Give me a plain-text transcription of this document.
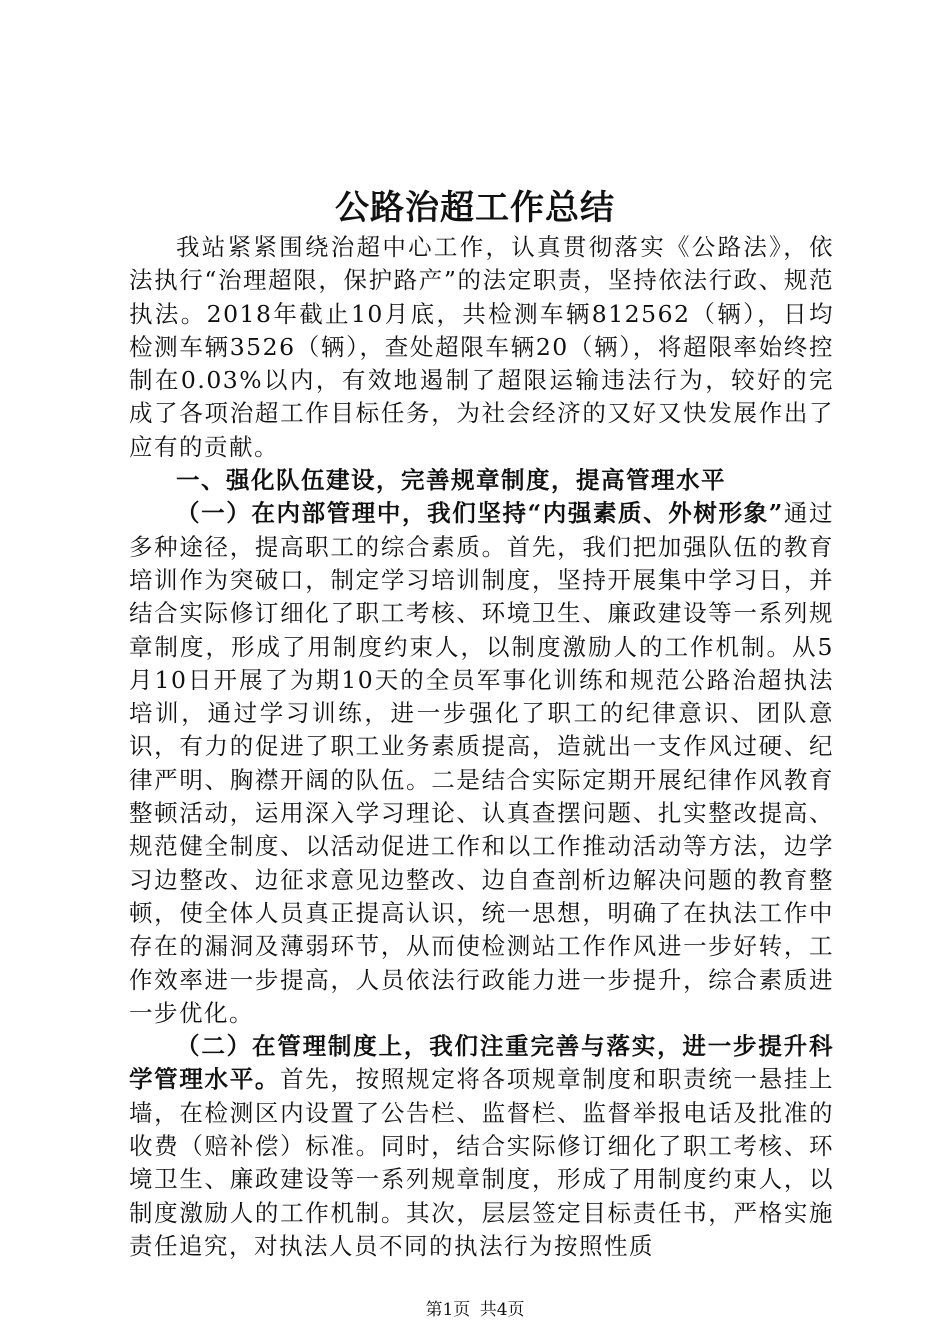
公路治超工作总结

我站紧紧围绕治超中心工作，认真贯彻落实《公路法》，依法执行“治理超限，保护路产”的法定职责，坚持依法行政、规范执法。2018年截止10月底，共检测车辆812562（辆），日均检测车辆3526（辆），查处超限车辆20（辆），将超限率始终控制在0.03%以内，有效地遏制了超限运输违法行为，较好的完成了各项治超工作目标任务，为社会经济的又好又快发展作出了应有的贡献。

一、强化队伍建设，完善规章制度，提高管理水平

（一）在内部管理中，我们坚持“内强素质、外树形象”通过多种途径，提高职工的综合素质。首先，我们把加强队伍的教育培训作为突破口，制定学习培训制度，坚持开展集中学习日，并结合实际修订细化了职工考核、环境卫生、廉政建设等一系列规章制度，形成了用制度约束人，以制度激励人的工作机制。从5月10日开展了为期10天的全员军事化训练和规范公路治超执法培训，通过学习训练，进一步强化了职工的纪律意识、团队意识，有力的促进了职工业务素质提高，造就出一支作风过硬、纪律严明、胸襟开阔的队伍。二是结合实际定期开展纪律作风教育整顿活动，运用深入学习理论、认真查摆问题、扎实整改提高、规范健全制度、以活动促进工作和以工作推动活动等方法，边学习边整改、边征求意见边整改、边自查剖析边解决问题的教育整顿，使全体人员真正提高认识，统一思想，明确了在执法工作中存在的漏洞及薄弱环节，从而使检测站工作作风进一步好转，工作效率进一步提高，人员依法行政能力进一步提升，综合素质进一步优化。

（二）在管理制度上，我们注重完善与落实，进一步提升科学管理水平。首先，按照规定将各项规章制度和职责统一悬挂上墙，在检测区内设置了公告栏、监督栏、监督举报电话及批准的收费（赔补偿）标准。同时，结合实际修订细化了职工考核、环境卫生、廉政建设等一系列规章制度，形成了用制度约束人，以制度激励人的工作机制。其次，层层签定目标责任书，严格实施责任追究，对执法人员不同的执法行为按照性质

第1页 共4页
